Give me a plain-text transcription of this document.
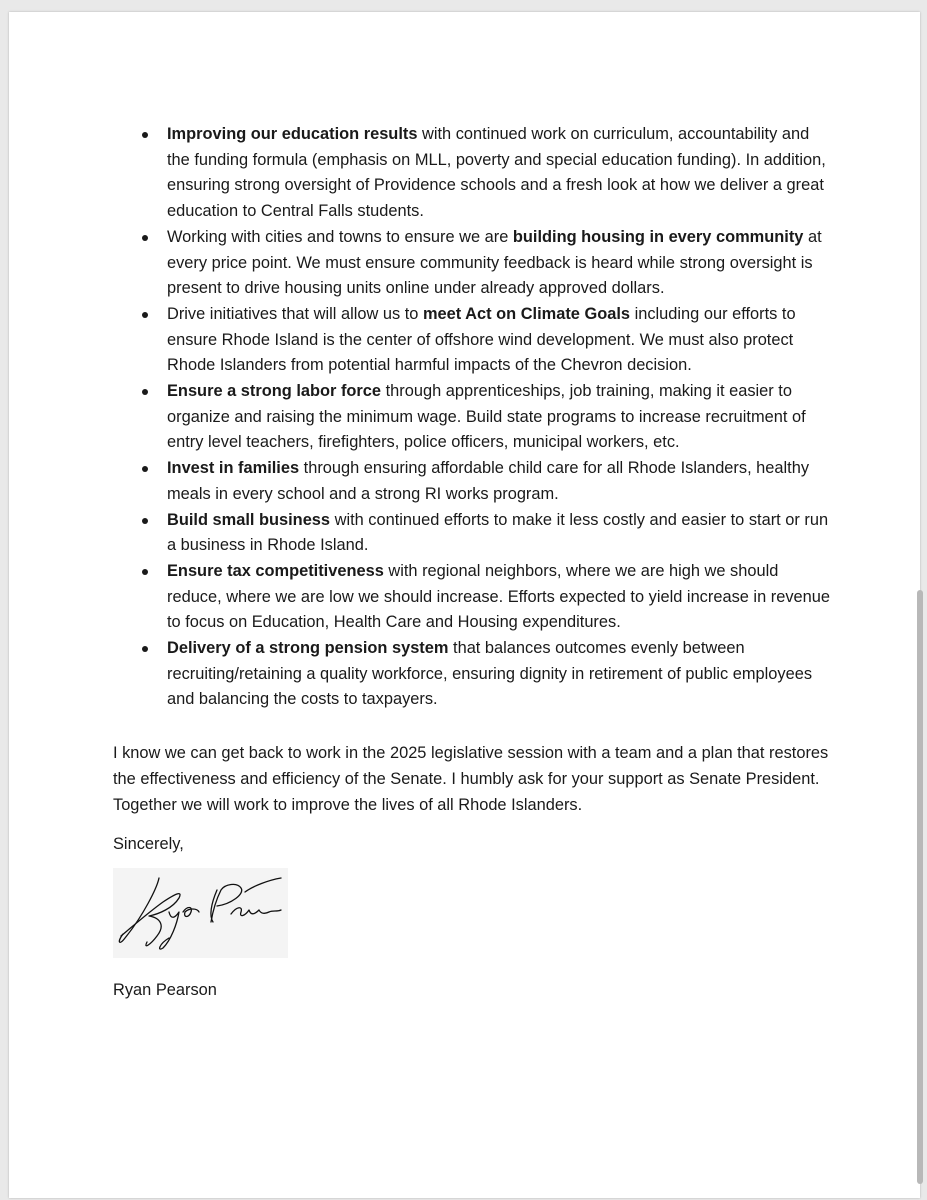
Improving our education results with continued work on curriculum, accountability and the funding formula (emphasis on MLL, poverty and special education funding). In addition, ensuring strong oversight of Providence schools and a fresh look at how we deliver a great education to Central Falls students.
Working with cities and towns to ensure we are building housing in every community at every price point. We must ensure community feedback is heard while strong oversight is present to drive housing units online under already approved dollars.
Drive initiatives that will allow us to meet Act on Climate Goals including our efforts to ensure Rhode Island is the center of offshore wind development. We must also protect Rhode Islanders from potential harmful impacts of the Chevron decision.
Ensure a strong labor force through apprenticeships, job training, making it easier to organize and raising the minimum wage. Build state programs to increase recruitment of entry level teachers, firefighters, police officers, municipal workers, etc.
Invest in families through ensuring affordable child care for all Rhode Islanders, healthy meals in every school and a strong RI works program.
Build small business with continued efforts to make it less costly and easier to start or run a business in Rhode Island.
Ensure tax competitiveness with regional neighbors, where we are high we should reduce, where we are low we should increase. Efforts expected to yield increase in revenue to focus on Education, Health Care and Housing expenditures.
Delivery of a strong pension system that balances outcomes evenly between recruiting/retaining a quality workforce, ensuring dignity in retirement of public employees and balancing the costs to taxpayers.
I know we can get back to work in the 2025 legislative session with a team and a plan that restores the effectiveness and efficiency of the Senate. I humbly ask for your support as Senate President. Together we will work to improve the lives of all Rhode Islanders.
Sincerely,
Ryan Pearson
